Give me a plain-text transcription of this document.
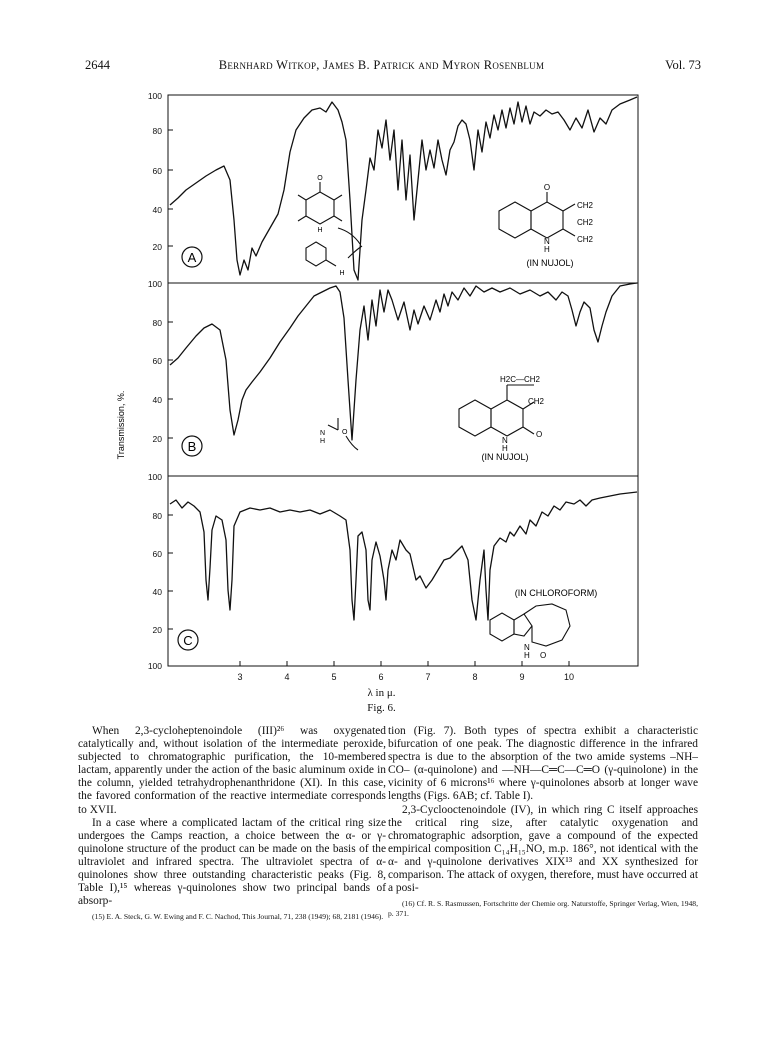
2644	Bernhard Witkop, James B. Patrick and Myron Rosenblum	Vol. 73
100
80
60
40
20
100
80
60
40
20
100
80
60
40
20
100
Transmission, %.
3	4	5	6	7	8	9	10
A
B
C
(IN NUJOL)
(IN NUJOL)
(IN CHLOROFORM)
O
H
H
O
CH2
CH2
CH2
N
H
H2C—CH2
CH2
O
N
H
N O
H
N
H O
λ in μ.
Fig. 6.

When 2,3-cycloheptenoindole (III)²⁶ was oxygenated catalytically and, without isolation of the intermediate peroxide, subjected to chromatographic purification, the 10-membered lactam, apparently under the action of the basic aluminum oxide in the column, yielded tetrahydrophenanthridone (XI). In this case, the favored conformation of the reactive intermediate corresponds to XVII.

In a case where a complicated lactam of the critical ring size undergoes the Camps reaction, a choice between the α- or γ-quinolone structure of the product can be made on the basis of the ultraviolet and infrared spectra. The ultraviolet spectra of α-quinolones show three outstanding characteristic peaks (Fig. 8, Table I),¹⁵ whereas γ-quinolones show two principal bands of absorp-

(15) E. A. Steck, G. W. Ewing and F. C. Nachod, This Journal, 71, 238 (1949); 68, 2181 (1946).

tion (Fig. 7). Both types of spectra exhibit a characteristic bifurcation of one peak. The diagnostic difference in the infrared spectra is due to the absorption of the two amide systems –NH–CO– (α-quinolone) and —NH—C═C—C═O (γ-quinolone) in the vicinity of 6 microns¹⁶ where γ-quinolones absorb at longer wave lengths (Figs. 6AB; cf. Table I).

2,3-Cyclooctenoindole (IV), in which ring C itself approaches the critical ring size, after catalytic oxygenation and chromatographic adsorption, gave a compound of the expected empirical composition C₁₄H₁₅NO, m.p. 186°, not identical with the α- and γ-quinolone derivatives XIX¹³ and XX synthesized for comparison. The attack of oxygen, therefore, must have occurred at a posi-

(16) Cf. R. S. Rasmussen, Fortschritte der Chemie org. Naturstoffe, Springer Verlag, Wien, 1948, p. 371.
